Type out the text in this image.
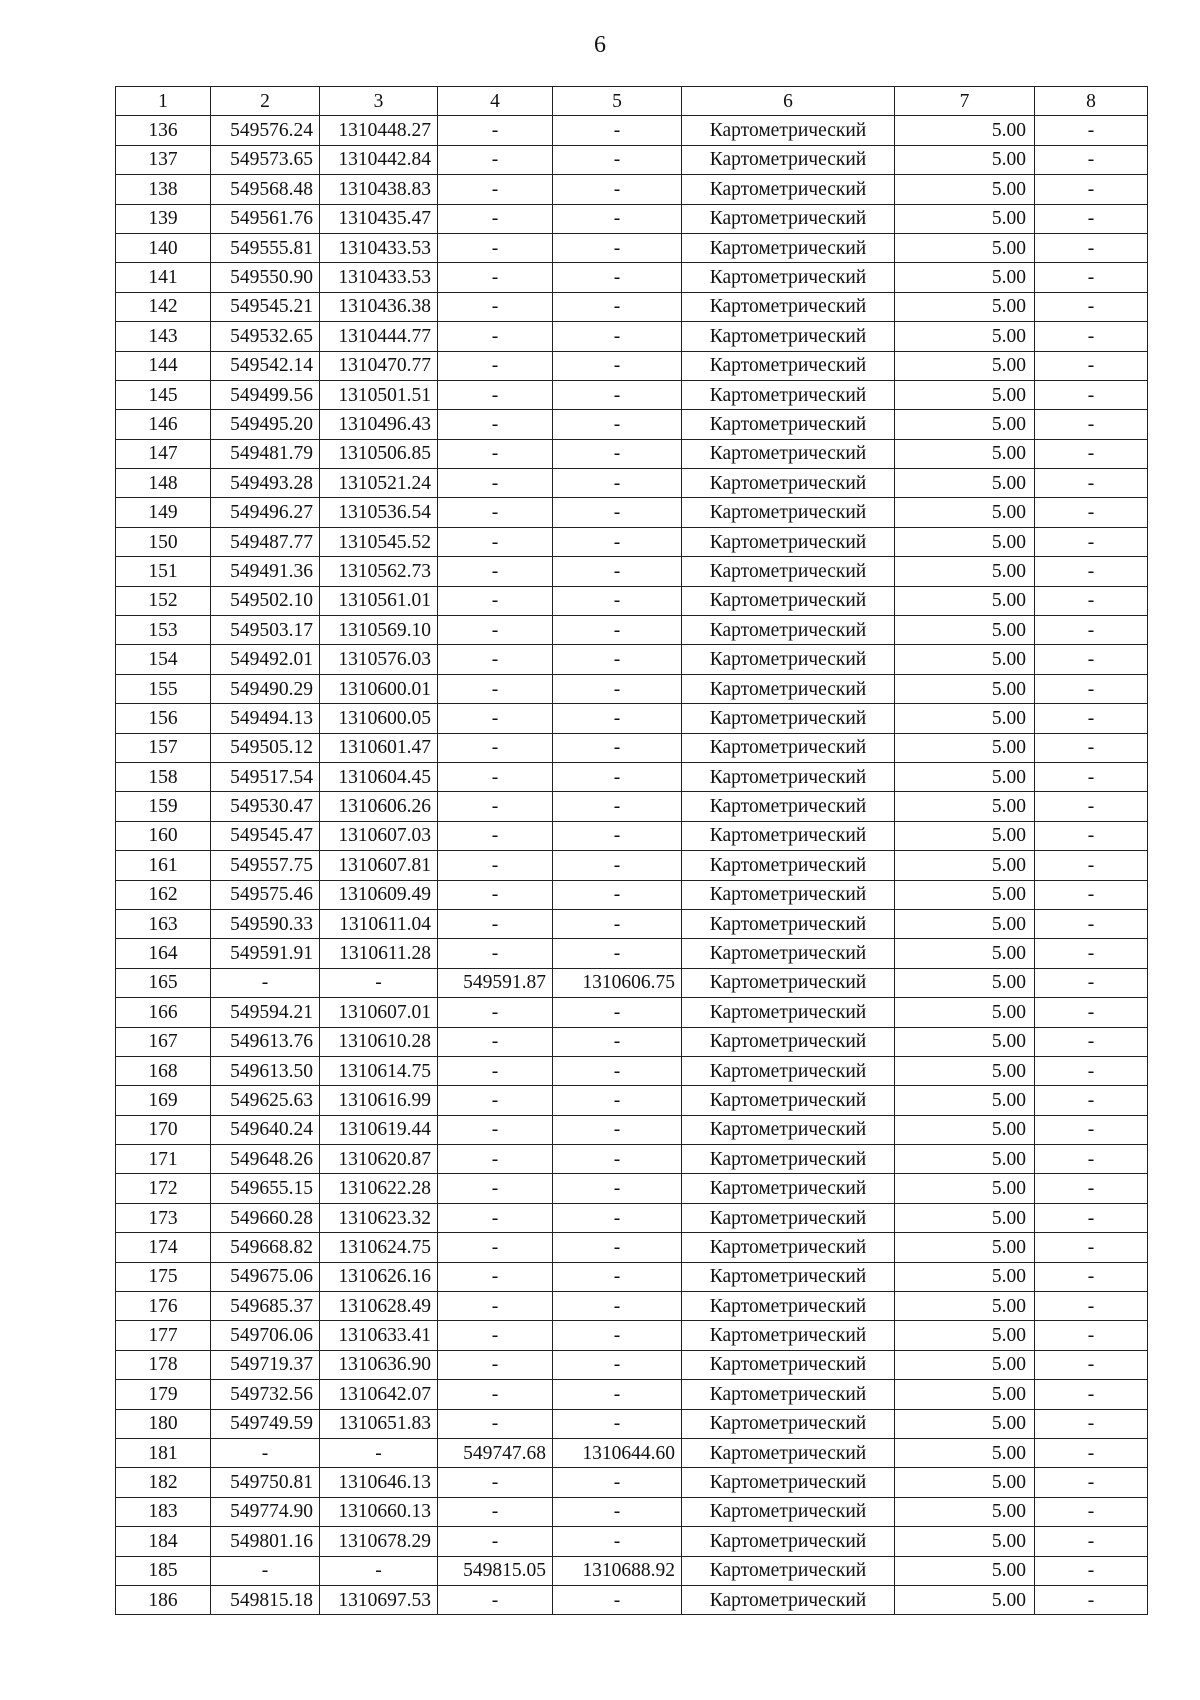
6
1	2	3	4	5	6	7	8
136	549576.24	1310448.27	-	-	Картометрический	5.00	-
137	549573.65	1310442.84	-	-	Картометрический	5.00	-
138	549568.48	1310438.83	-	-	Картометрический	5.00	-
139	549561.76	1310435.47	-	-	Картометрический	5.00	-
140	549555.81	1310433.53	-	-	Картометрический	5.00	-
141	549550.90	1310433.53	-	-	Картометрический	5.00	-
142	549545.21	1310436.38	-	-	Картометрический	5.00	-
143	549532.65	1310444.77	-	-	Картометрический	5.00	-
144	549542.14	1310470.77	-	-	Картометрический	5.00	-
145	549499.56	1310501.51	-	-	Картометрический	5.00	-
146	549495.20	1310496.43	-	-	Картометрический	5.00	-
147	549481.79	1310506.85	-	-	Картометрический	5.00	-
148	549493.28	1310521.24	-	-	Картометрический	5.00	-
149	549496.27	1310536.54	-	-	Картометрический	5.00	-
150	549487.77	1310545.52	-	-	Картометрический	5.00	-
151	549491.36	1310562.73	-	-	Картометрический	5.00	-
152	549502.10	1310561.01	-	-	Картометрический	5.00	-
153	549503.17	1310569.10	-	-	Картометрический	5.00	-
154	549492.01	1310576.03	-	-	Картометрический	5.00	-
155	549490.29	1310600.01	-	-	Картометрический	5.00	-
156	549494.13	1310600.05	-	-	Картометрический	5.00	-
157	549505.12	1310601.47	-	-	Картометрический	5.00	-
158	549517.54	1310604.45	-	-	Картометрический	5.00	-
159	549530.47	1310606.26	-	-	Картометрический	5.00	-
160	549545.47	1310607.03	-	-	Картометрический	5.00	-
161	549557.75	1310607.81	-	-	Картометрический	5.00	-
162	549575.46	1310609.49	-	-	Картометрический	5.00	-
163	549590.33	1310611.04	-	-	Картометрический	5.00	-
164	549591.91	1310611.28	-	-	Картометрический	5.00	-
165	-	-	549591.87	1310606.75	Картометрический	5.00	-
166	549594.21	1310607.01	-	-	Картометрический	5.00	-
167	549613.76	1310610.28	-	-	Картометрический	5.00	-
168	549613.50	1310614.75	-	-	Картометрический	5.00	-
169	549625.63	1310616.99	-	-	Картометрический	5.00	-
170	549640.24	1310619.44	-	-	Картометрический	5.00	-
171	549648.26	1310620.87	-	-	Картометрический	5.00	-
172	549655.15	1310622.28	-	-	Картометрический	5.00	-
173	549660.28	1310623.32	-	-	Картометрический	5.00	-
174	549668.82	1310624.75	-	-	Картометрический	5.00	-
175	549675.06	1310626.16	-	-	Картометрический	5.00	-
176	549685.37	1310628.49	-	-	Картометрический	5.00	-
177	549706.06	1310633.41	-	-	Картометрический	5.00	-
178	549719.37	1310636.90	-	-	Картометрический	5.00	-
179	549732.56	1310642.07	-	-	Картометрический	5.00	-
180	549749.59	1310651.83	-	-	Картометрический	5.00	-
181	-	-	549747.68	1310644.60	Картометрический	5.00	-
182	549750.81	1310646.13	-	-	Картометрический	5.00	-
183	549774.90	1310660.13	-	-	Картометрический	5.00	-
184	549801.16	1310678.29	-	-	Картометрический	5.00	-
185	-	-	549815.05	1310688.92	Картометрический	5.00	-
186	549815.18	1310697.53	-	-	Картометрический	5.00	-
